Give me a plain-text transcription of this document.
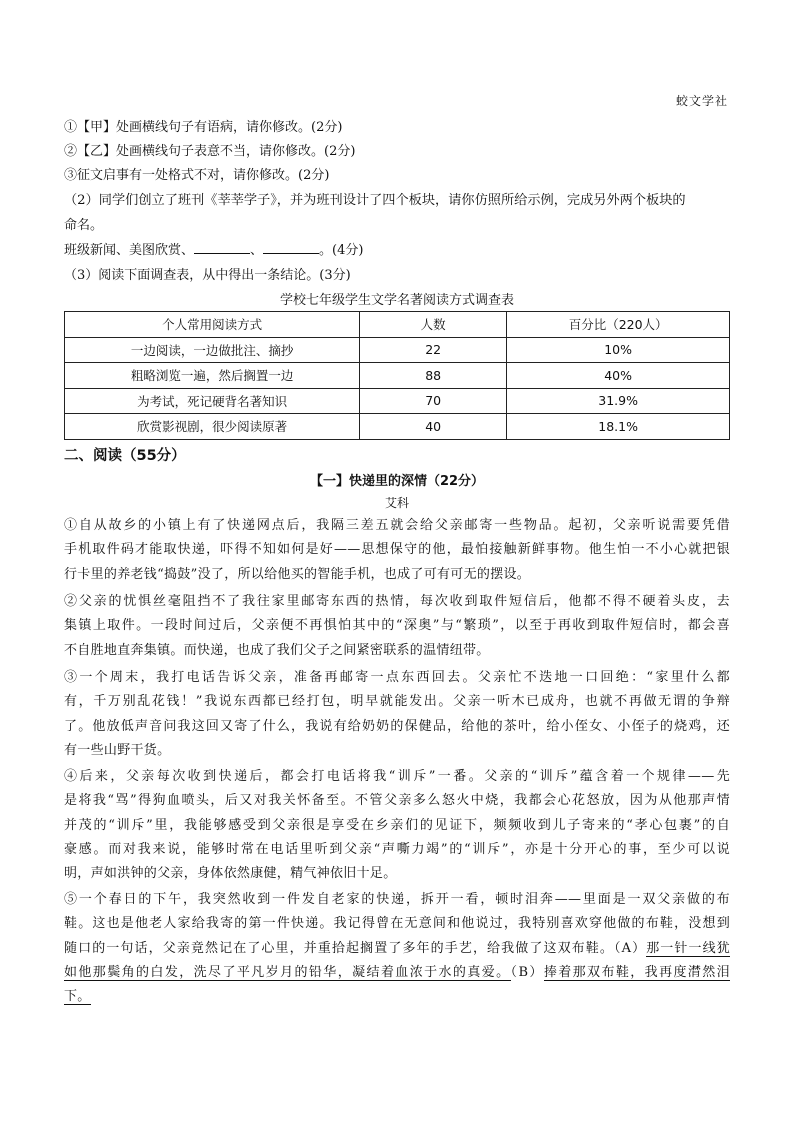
蛟文学社
①【甲】处画横线句子有语病，请你修改。(2分)
②【乙】处画横线句子表意不当，请你修改。(2分)
③征文启事有一处格式不对，请你修改。(2分)
（2）同学们创立了班刊《莘莘学子》，并为班刊设计了四个板块，请你仿照所给示例，完成另外两个板块的
命名。
班级新闻、美图欣赏、	、	。(4分)
（3）阅读下面调查表，从中得出一条结论。(3分)
学校七年级学生文学名著阅读方式调查表
个人常用阅读方式	人数	百分比（220人）
一边阅读，一边做批注、摘抄	22	10%
粗略浏览一遍，然后搁置一边	88	40%
为考试，死记硬背名著知识	70	31.9%
欣赏影视剧，很少阅读原著	40	18.1%
二、阅读（55分）
【一】快递里的深情（22分）
艾科
①自从故乡的小镇上有了快递网点后，我隔三差五就会给父亲邮寄一些物品。起初，父亲听说需要凭借
手机取件码才能取快递，吓得不知如何是好——思想保守的他，最怕接触新鲜事物。他生怕一不小心就把银
行卡里的养老钱“捣鼓”没了，所以给他买的智能手机，也成了可有可无的摆设。
②父亲的忧惧丝毫阻挡不了我往家里邮寄东西的热情，每次收到取件短信后，他都不得不硬着头皮，去
集镇上取件。一段时间过后，父亲便不再惧怕其中的“深奥”与“繁琐”，以至于再收到取件短信时，都会喜
不自胜地直奔集镇。而快递，也成了我们父子之间紧密联系的温情纽带。
③一个周末，我打电话告诉父亲，准备再邮寄一点东西回去。父亲忙不迭地一口回绝：“家里什么都
有，千万别乱花钱！”我说东西都已经打包，明早就能发出。父亲一听木已成舟，也就不再做无谓的争辩
了。他放低声音问我这回又寄了什么，我说有给奶奶的保健品，给他的茶叶，给小侄女、小侄子的烧鸡，还
有一些山野干货。
④后来，父亲每次收到快递后，都会打电话将我“训斥”一番。父亲的“训斥”蕴含着一个规律——先
是将我“骂”得狗血喷头，后又对我关怀备至。不管父亲多么怒火中烧，我都会心花怒放，因为从他那声情
并茂的“训斥”里，我能够感受到父亲很是享受在乡亲们的见证下，频频收到儿子寄来的“孝心包裹”的自
豪感。而对我来说，能够时常在电话里听到父亲“声嘶力竭”的“训斥”，亦是十分开心的事，至少可以说
明，声如洪钟的父亲，身体依然康健，精气神依旧十足。
⑤一个春日的下午，我突然收到一件发自老家的快递，拆开一看，顿时泪奔——里面是一双父亲做的布
鞋。这也是他老人家给我寄的第一件快递。我记得曾在无意间和他说过，我特别喜欢穿他做的布鞋，没想到
随口的一句话，父亲竟然记在了心里，并重拾起搁置了多年的手艺，给我做了这双布鞋。（A）那一针一线犹
如他那鬓角的白发，洗尽了平凡岁月的铅华，凝结着血浓于水的真爱。（B）捧着那双布鞋，我再度潸然泪
下。
